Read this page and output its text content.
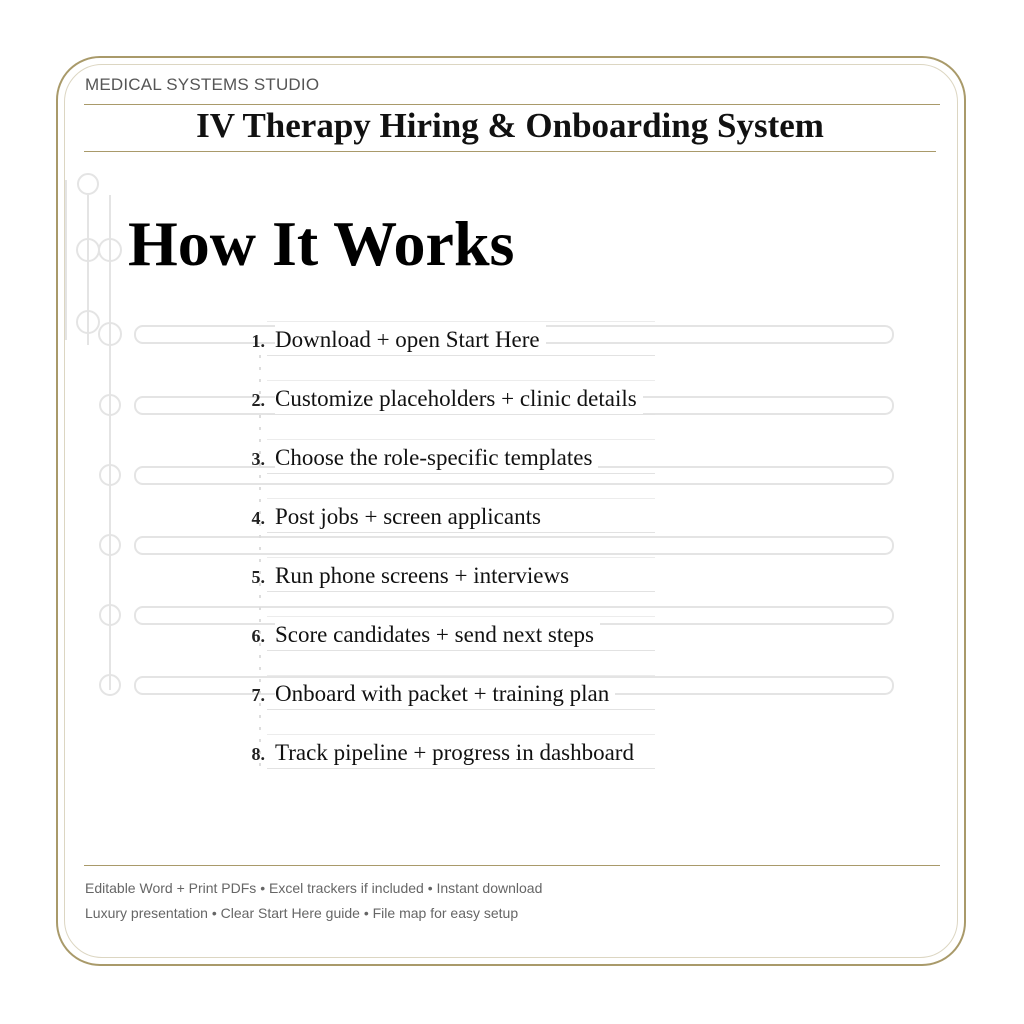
MEDICAL SYSTEMS STUDIO
IV Therapy Hiring & Onboarding System
How It Works
1. Download + open Start Here
2. Customize placeholders + clinic details
3. Choose the role-specific templates
4. Post jobs + screen applicants
5. Run phone screens + interviews
6. Score candidates + send next steps
7. Onboard with packet + training plan
8. Track pipeline + progress in dashboard
Editable Word + Print PDFs • Excel trackers if included • Instant download
Luxury presentation • Clear Start Here guide • File map for easy setup
